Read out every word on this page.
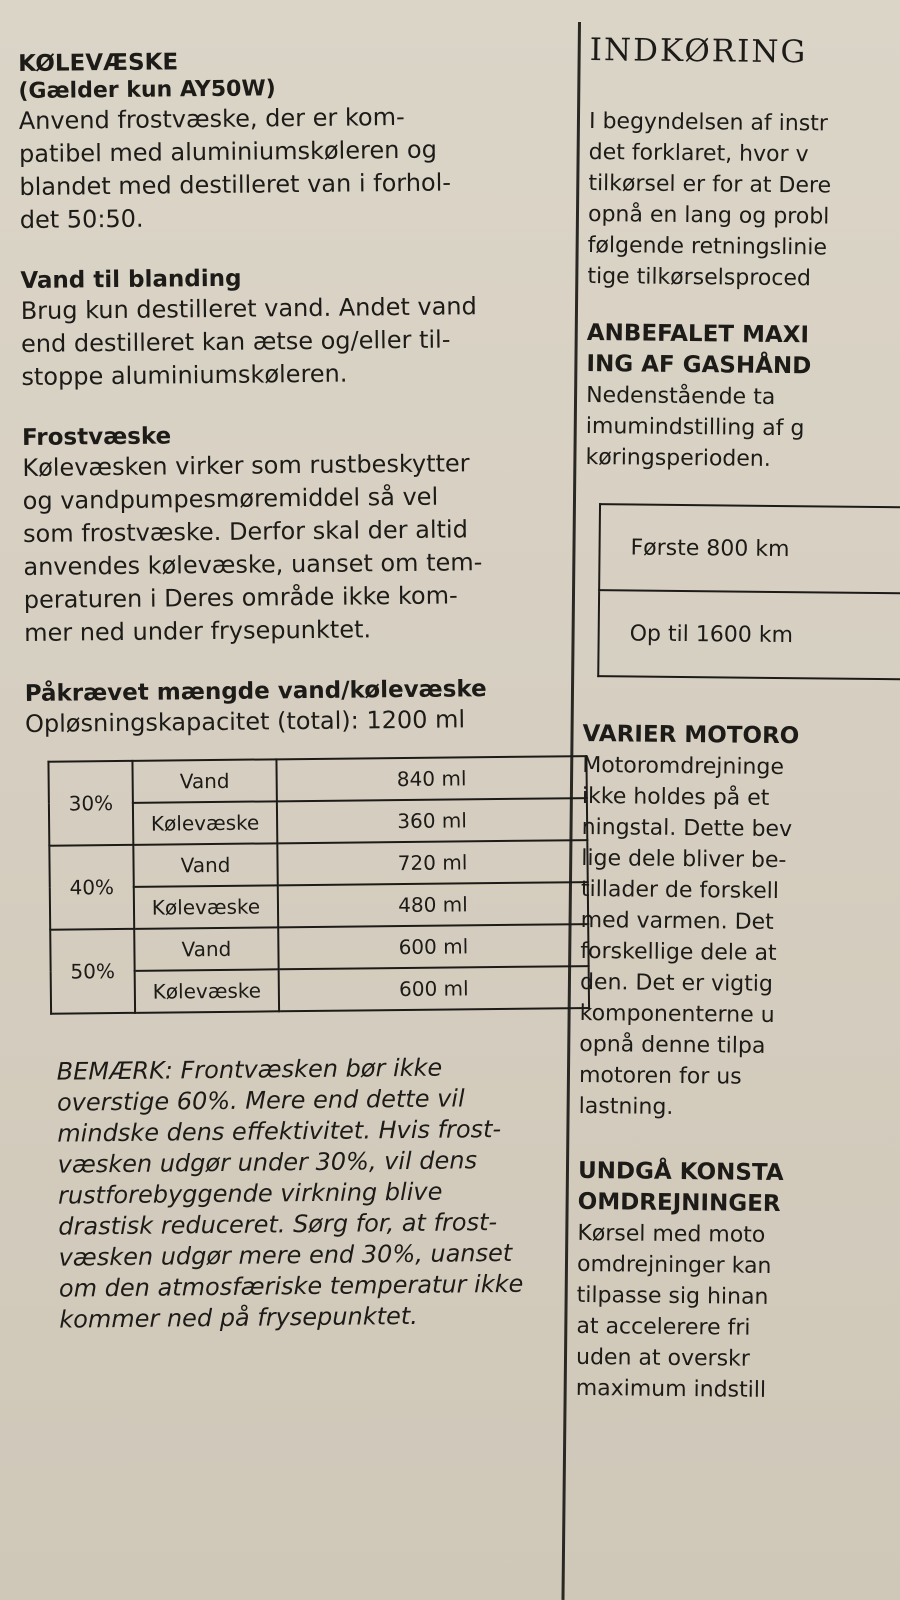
KØLEVÆSKE

(Gælder kun AY50W)

Anvend frostvæske, der er kom-

patibel med aluminiumskøleren og

blandet med destilleret van i forhol-

det 50:50.

Vand til blanding

Brug kun destilleret vand. Andet vand

end destilleret kan ætse og/eller til-

stoppe aluminiumskøleren.

Frostvæske

Kølevæsken virker som rustbeskytter

og vandpumpesmøremiddel så vel

som frostvæske. Derfor skal der altid

anvendes kølevæske, uanset om tem-

peraturen i Deres område ikke kom-

mer ned under frysepunktet.

Påkrævet mængde vand/kølevæske

Opløsningskapacitet (total): 1200 ml

30%	Vand	840 ml
	Kølevæske	360 ml
40%	Vand	720 ml
	Kølevæske	480 ml
50%	Vand	600 ml
	Kølevæske	600 ml
BEMÆRK: Frontvæsken bør ikke
overstige 60%. Mere end dette vil
mindske dens effektivitet. Hvis frost-
væsken udgør under 30%, vil dens
rustforebyggende virkning blive
drastisk reduceret. Sørg for, at frost-
væsken udgør mere end 30%, uanset
om den atmosfæriske temperatur ikke
kommer ned på frysepunktet.

INDKØRING

I begyndelsen af instr

det forklaret, hvor v

tilkørsel er for at Dere

opnå en lang og probl

følgende retningslinie

tige tilkørselsproced

ANBEFALET MAXI

ING AF GASHÅND

Nedenstående ta

imumindstilling af g

køringsperioden.

Første 800 km
Op til 1600 km

VARIER MOTORO

Motoromdrejninge

ikke holdes på et

ningstal. Dette bev

lige dele bliver be-

tillader de forskell

med varmen. Det

forskellige dele at

den. Det er vigtig

komponenterne u

opnå denne tilpa

motoren for us

lastning.

UNDGÅ KONSTA

OMDREJNINGER

Kørsel med moto

omdrejninger kan

tilpasse sig hinan

at accelerere fri

uden at overskr

maximum indstill
